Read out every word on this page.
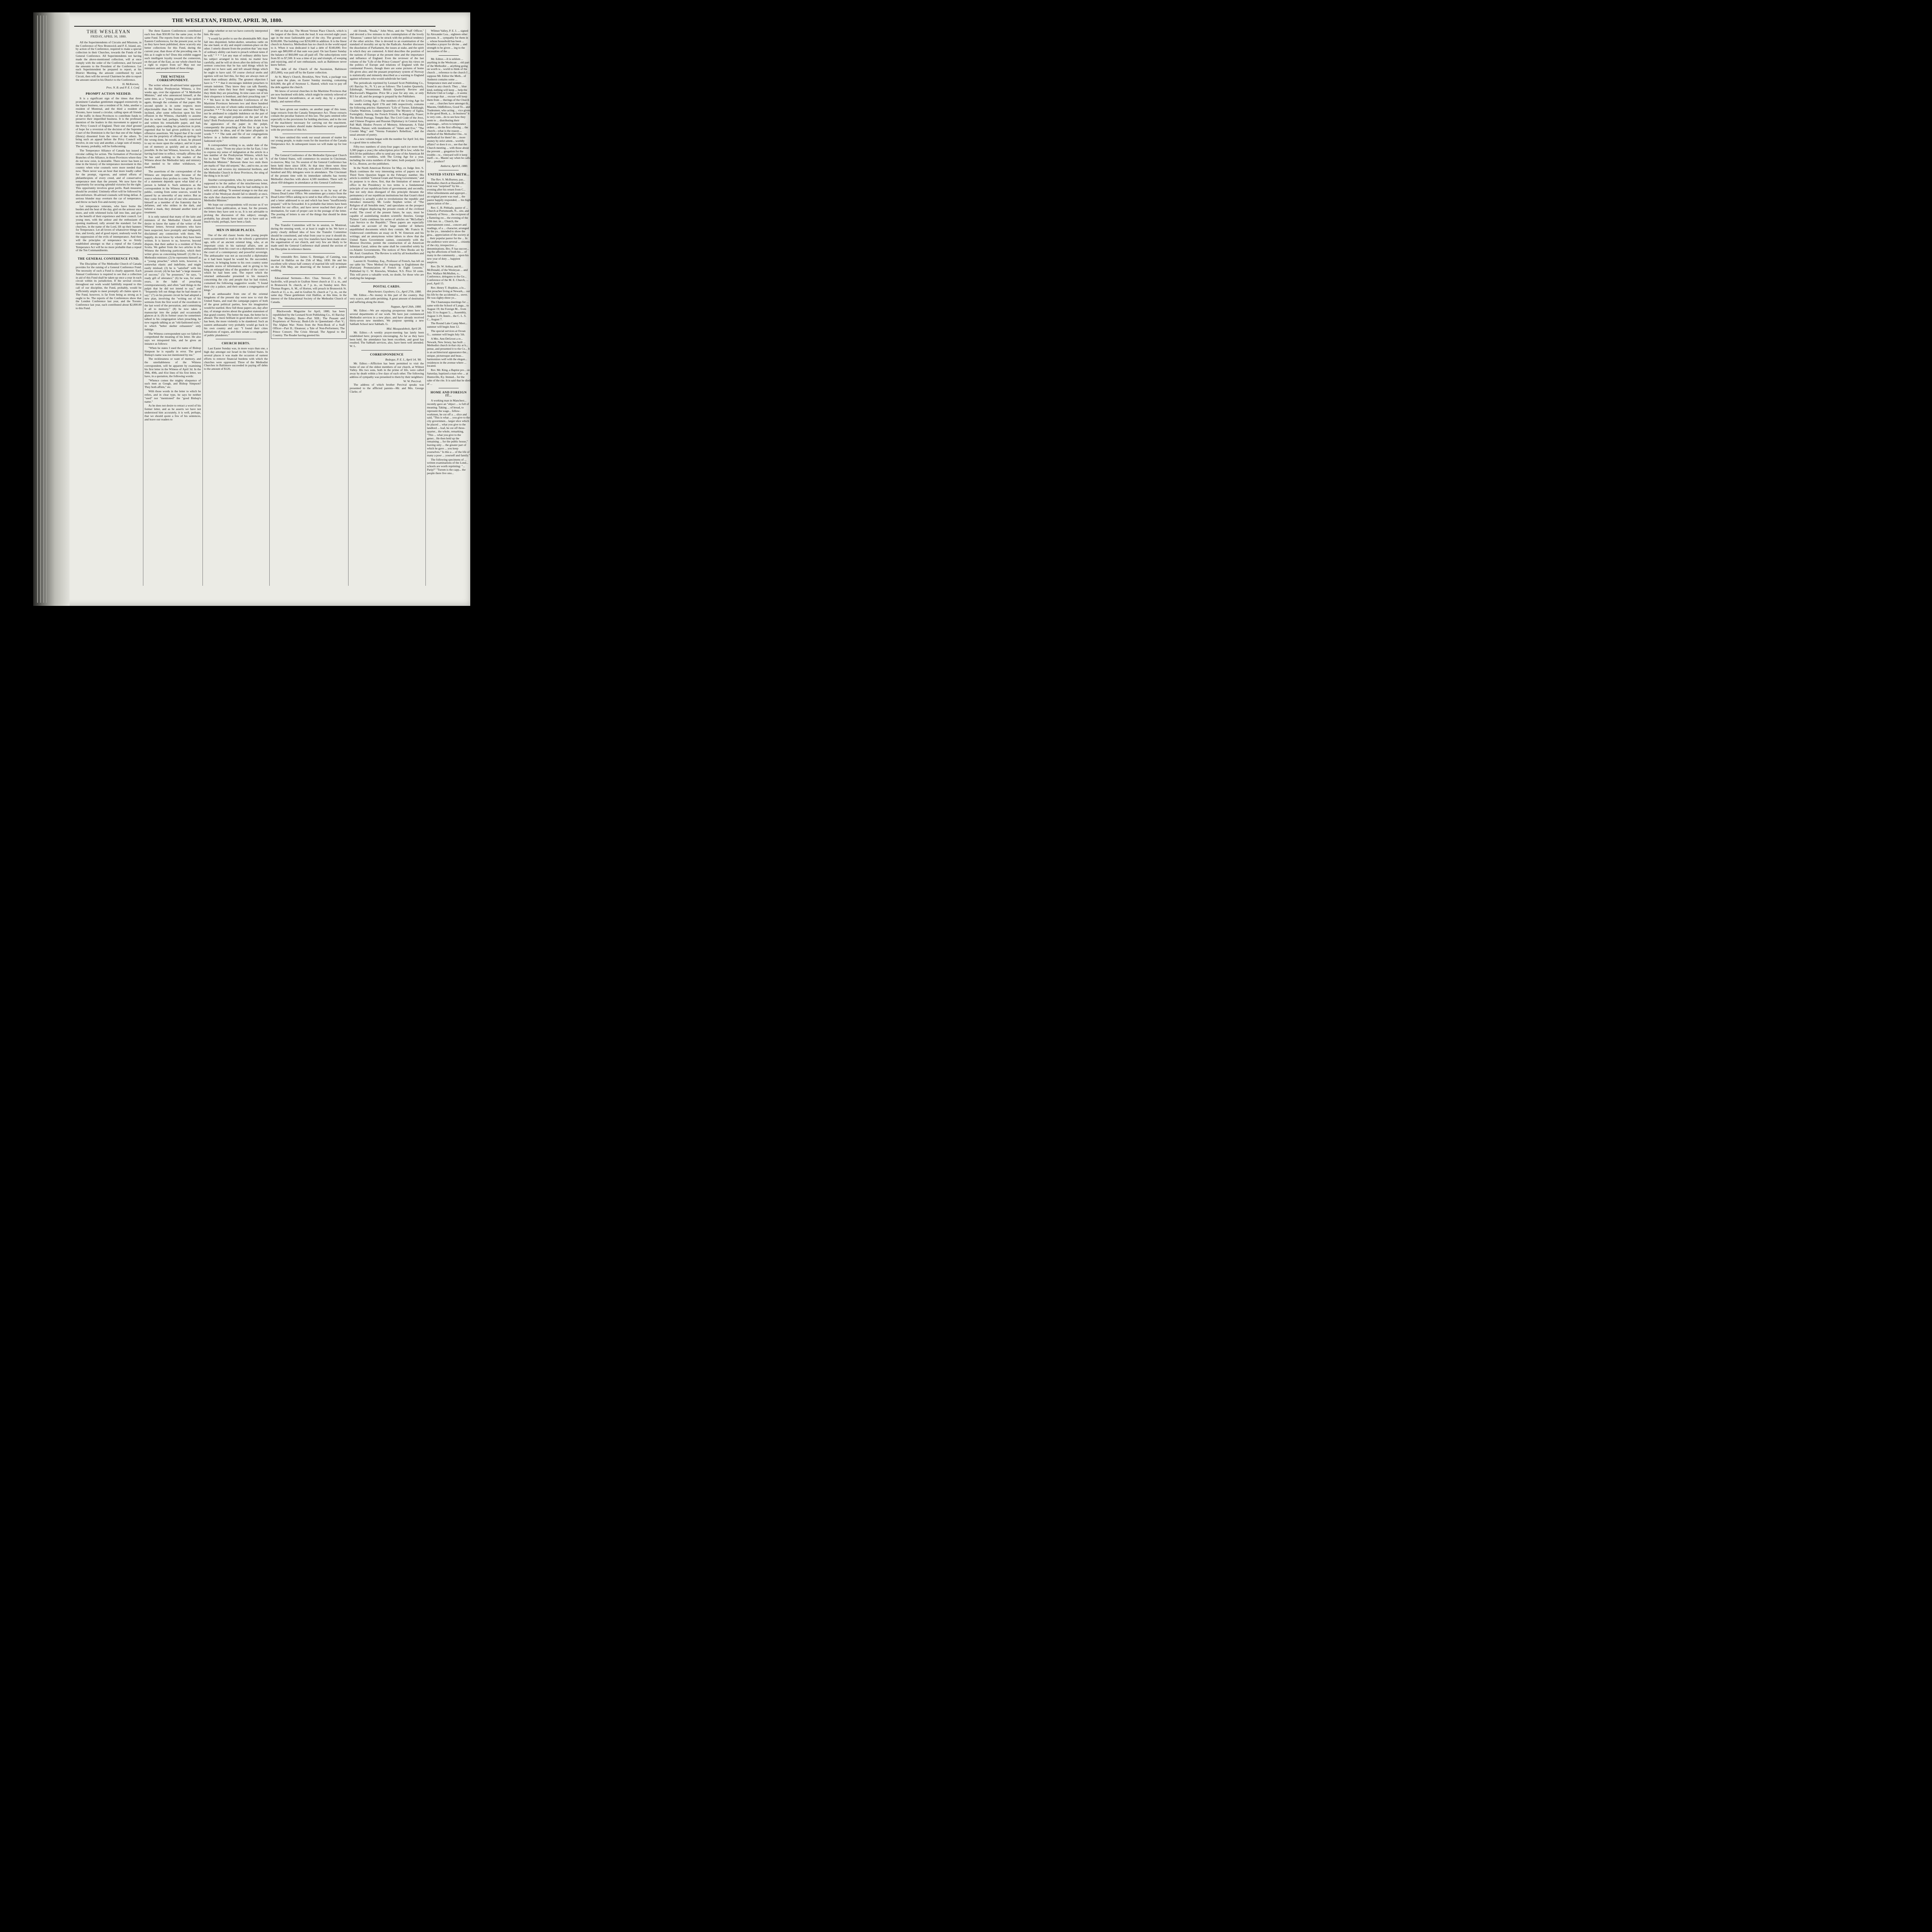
THE WESLEYAN, FRIDAY, APRIL 30, 1880.
THE WESLEYAN
FRIDAY, APRIL 30, 1880.

All the Superintendents of Circuits and Missions, in the Conference of New Brunswick and P. E. Island, are, by action of the Conference, required to make a special collection in their Churches, towards the Funds of the General Conference. All Superintendents not having made the above-mentioned collection, will at once comply with the order of the Conference, and forward the amounts to the President of the Conference. Let each Superintendent be prepared to report, at his District Meeting, the amount contributed by each Circuit, then will the several Chairmen be able to report the amount raised in his District to the Conference.

H. McKeown,
Pres. N. B. and P. E. I. Conf.
PROMPT ACTION NEEDED.

It is a significant sign of the times that three prominent Canadian gentlemen engaged extensively in the liquor business, one a resident of St. John, another a resident of Montreal, and the third a resident of Toronto, have issued a circular, calling upon all friends of the traffic in these Provinces to contribute funds to preserve their imperilled business. It is the professed intention of the leaders in this movement to appeal to the Privy Council of England. Their one chief ground of hope for a reversion of the decision of the Supreme Court of the Dominion is the fact that one of the Judges (Henry) dissented from the views of the others. To bring such an appeal before the Privy Council will involve, in one way and another, a large sum of money. The money, probably, will be forthcoming.

The Temperance Alliance of Canada has issued a circular calling for action. The formation of Provincial Branches of the Alliance, in those Provinces where they do not now exist, is desirable. There never has been a time in the history of the temperance movement in this country when wise counsels were more needed than now. There never was an hour that more loudly called for the prompt, vigorous, and united efforts of philanthropists of every creed, and of conservative temperance men than the present. We now have the opportunity for securing splendid victories for the right. This opportunity involves great perils. Rash measures should be avoided. Untimely effort will be followed by discomforture. Ill-advised counsels will bring defeat. A serious blunder may overturn the car of temperance, and throw us back five-and-twenty years.

Let temperance veterans, who have borne the burden and the heat of the day, gird on the armour once more, and with whitened locks fall into line, and give us the benefit of their experience and their council. Let young men, with the ardour and the enthusiasm of opening manhood, rally around the standard. Let the churches, in the name of the Lord, lift up their banners for Temperance. Let all lovers of whatsoever things are true, and lovely, and of good report, zealously work for the suppression of the evils of intemperance. And then will the principles of temperance be so firmly established amongst us that a repeal of the Canada Temperance Act will be no more probable than a repeal of the Ten Commandments.

THE GENERAL CONFERENCE FUND.

The Discipline of The Methodist Church of Canada provides for the raising of a General Conference Fund. The necessity of such a Fund is clearly apparent. Each Annual Conference is required to see that a collection in aid of this Fund shall be taken up once a year in each circuit within its jurisdiction. If the several circuits throughout our work would faithfully respond to this call of our discipline, the Fund, probably, would be sufficiently ample to meet promptly all claims upon it. The Fund, however, is far from being as strong as it ought to be. The reports of the Conferences show that the London Conference last year, and the Toronto Conference last year, each contributed about $2,000.00 to this Fund.

The three Eastern Conferences contributed each less than $50.00 for the same year, to the same Fund. The reports from the circuits of the Eastern Conferences, for the present year, so far as they have been published, show scarcely any better collections for this Fund, during the current year, than those of the preceding one. Is this as it ought to be? Does this exhibit suggest such intelligent loyalty toward the connexion, on the part of the East, as our whole church has a right to expect from us? May not our ministers and people think of these things.

THE WITNESS CORRESPONDENT.

The writer whose ill-advised letter appeared in the Halifax Presbyterian Witness, a few weeks ago, over the signature of "A Methodist Minister," and who announced himself, at the same time, as a "young preacher," has spoken again, through the columns of that paper. His second epistle is in some respects more objectionable than the former one. We were inclined, after some reflection upon his first effusion in the Witness, charitably to assume that its writer had, perhaps, hastily conceived and written his remarkable paper, and had, probably, upon reading his production in print, regretted that he had given publicity to such offensive assertions. We hoped that if he could not see the propriety of offering an apology for the wrong done, he would, at least, be pleased to say no more upon the subject, and let it pass out of memory as quickly and as easily as possible. In the last Witness, however, he, after having had time to reflect, virtually affirms that he has said nothing to the readers of the Witness about the Methodist laity and ministry that needed to be either withdrawn, or modified.

The assertions of the correspondent of the Witness are important only because of the source whence they profess to come. The force of a statement depends upon what kind of a person is behind it. Such sentences as the correspondent in the Witness has given to the public, coming from some sources, would be passed by as unworthy of any notice. But as they come from the pen of one who announces himself as a member of the fraternity that he defames, and who strikes in the dark, and behind a mask, they demand another kind of treatment.

It is only natural that many of the laity and ministers of the Methodist Church should desire to know the name of the writer of the Witness' letters. Several ministers who have been suspected, have promptly and indignantly disclaimed any connection with them. We, happily, do not know by whom they have been written. It is known to us, however, beyond dispute, that their author is a resident of Nova Scotia. We gather from the two articles in the Witness the following particulars, which their writer gives us concerning himself: (1) He is a Methodist minister; (2) he represents himself as a "young preacher," which term, however, is somewhat elastic and indefinite, and might easily mislead; (3) he is "satisfied" with his present circuit; (4) he has had "a large measure of success;" (5) "he possesses," he says, "a ready gift of utterance;" (6) he was, for some years, in the habit of preaching extemporaneously, and often "said things in the pulpit that he did not intend to say," and "frequently left out things that he had meant to say;" (7) on his present circuit he had adopted a new plan, involving the "writing out of his sermons from the first word of the exordium to the last word of the peroration, and committing it all to memory;" (8) he now takes a manuscript into the pulpit and occasionally glances at it; (9) in former years he sometimes talked to his congregation when preaching, he now regards talking as an "old-fashioned style," in which "helter skelter exhausters" only indulge.

The Witness correspondent says we failed to comprehend the meaning of his letter. He also says we misquoted him, and he gives an instance as follows:

"When he states I used the name of Bishop Simpson he is equally in error. The good Bishop's name was not mentioned by me."

The recklessness or want of memory, and the unreliableness of the Witness correspondent, will be apparent by examining his first letter in the Witness of April 3d. In the 39th, 40th, and 41st lines of his first letter, we have, in a quotation, the following words:

"Whence comes the mighty eloquence of such men as Gough, and Bishop Simpson? They both affirm," etc.

With those words in the letter to which he refers, and in clear type, he says he neither "used" nor "mentioned" the "good Bishop's name."

As he does not desire to retract a word of his former letter, and as he asserts we have not understood him accurately, it is well, perhaps, that we should quote a few of his sentences, and leave our readers to

judge whether or not we have correctly interpreted him. He says:

"I would far prefer to use the abominable MS. than fall into disjointed, helter-skelter, senseless rattle on the one hand, or dry and stupid common-place on the other. I utterly dissent from the position that "any man of ordinary ability can learn to preach without notes if he will." * * * Let any man of ordinary ability have his subject arranged in his mind, no matter how carefully, and he will sit down after the delivery of his sermon conscious that he has said things which he ought not to have said, and left unsaid things which he ought to have said. Of course clerical snobs and egotists will not feel this, for they are always men of more than ordinary ability. The greatest objection I have is * * * that it encourages indolent preachers to remain indolent. They know they can talk fluently, and hence when they hear their tongues wagging, they think they are preaching. In nine cases out of ten their eloquence is bombast, and their preaching rant * * * We have in the Methodist Conferences of the Maritime Provinces between two and three hundred ministers, not one of whom ranks extraordinarily as a preacher. * * * To what may we attribute this? May it not be attributed to culpable indolence on the part of the clergy, and stupid prejudice on the part of the laity? Both Presbyterians and Methodists shrink from the appearance of the paper in the pulpit, consequently the preaching of the first is apt to be homeopathic in ideas, and of the latter allopathic in words * * * The rank and file of our congregations believe in a helter-skelter exhauster of the old-fashioned style."

A correspondent writing to us, under date of the 14th inst., says: "From my place in the far East, I rise to express my sense of indignation at the article in a late number of the Presbyterian Witness, which has for its head "The Other Side," and for its tail "A Methodist Minister." Between these two ends there are marks of "that old serpent," &c.; and to me, as one who loves and reveres my ministerial brethren, and the Methodist Church in these Provinces, the sting of the thing is in its tail."

Another correspondent, who, by some parties, was supposed to be the author of the mischievous letter, has written to us affirming that he had nothing to do with it; and adding: "It seemed strange to me that any reader of the Wesleyan should fail to identify at once, the style that characterises the communication of "A Methodist Minister."

We hope our correspondents will excuse us if we withhold from publication, at least, for the present, the letters they have sent to us. It is not advisable to prolong the discussion of this subject; enough, probably, has already been said: not to have said as much would, perhaps, have been a fault.

MEN IN HIGH PLACES.

One of the old classic books that young people were accustomed to read in the schools a generation ago, tells of an ancient oriental king, who, at an important crisis in his national affairs, sent an ambassador from his court on a diplomatic mission to the court of a contemporary and powerful sovereign. The ambassador was not as successful a diplomatist as it had been hoped he would be. He succeeded, however, in bringing home to his own country some valuable stores of information, and in giving to his king an enlarged idea of the grandeur of the court to which he had been sent. The report which the returned ambassador presented to his monarch concerning the city and people that he had visited, contained the following suggestive words: "I found their city a palace, and their senate a congregation of kings."

If an ambassador from one of the oriental kingdoms of the present day were now to visit the United States, and read the campaign papers of both of the great political parties, how his imagination would be startled. How full those papers are, day after day, of strange stories about the grandest statesmen of that grand country. The better the man, the better he is abused. The more brilliant in good deeds one's career has been, the more violently is he slandered. Such an eastern ambassador very probably would go back to his own country and say: "I found their cities habitations of rogues, and their senate a congregation of public plunderers."

CHURCH DEBTS.

Last Easter Sunday was, in more ways than one, a high day amongst our Israel in the United States. In several places it was made the occasion of earnest efforts to remove financial burdens with which the churches were oppressed. Three of the Methodist Churches in Baltimore succeeded in paying off debts to the amount of $120,

000 on that day. The Mount Vernon Place Church, which is the largest of the three, took the lead. It was erected eight years ago in the most fashionable part of the city. The ground cost $100,000. The building cost $250,000 in addition. It is the finest church in America. Methodism has no church in the world equal to it. When it was dedicated it had a debt of $140,000; five years ago $80,000 of that sum was paid. On last Easter Sunday the balance of $60,000 was all paid off. The subscriptions were from $5 to $7,500. It was a time of joy and triumph, of weeping and rejoicing, and of rare enthusiasm, such as Baltimore never knew before.

The debt of the Church of the Ascension, Baltimore ($55,000), was paid off by the Easter collection.

At St. Mary's Church, Brooklyn, New York, a package was laid upon the plate, on Easter Sunday morning, containing $10,000, the gift of Seymour L. Hasted, which was to pay off the debt against the church.

We know of several churches in the Maritime Provinces that are now burdened with debt, which might be entirely relieved of their financial encumbrance, at an early day, by a prudent, timely, and earnest effort.

We have given our readers, on another page of this issue, large extracts from the Canada Temperance Act. Those extracts contain the peculiar features of this law. The parts omitted refer especially to the provisions for holding elections, and to the rest of the machinery necessary for carrying out the enactment. Temperance workers should make themselves well acquainted with the provisions of this Act.

We have omitted this week our usual amount of matter for our young people, to make room for the insertion of the Canada Temperance Act. In subsequent issues we will make up for lost time.

The General Conference of the Methodist Episcopal Church of the United States, will commence its session in Cincinnati, to-morrow, May 1st. No session of the General Conference has been held there since 1836. At that time there were three Methodist churches in that city, with about 1,500 members. One hundred and fifty delegates were in attendance. The Cincinnati of the present time with its immediate suburbs has twenty Methodist churches with above 4,500 members. There will be about 450 delegates in attendance at this General Conference.

Some of our correspondence comes to us by way of the Ottawa Dead Letter Office. We sometimes get a notice from the Dead Letter Office asking us to send to that office a few stamps, and a letter addressed to us and which has been "insufficiently prepaid," will be forwarded. It is probable that letters have been intended for our office, and have never reached their place of destination, for want of proper care in the postage of the letter. The posting of letters is one of the things that should be done with care.

The Transfer Committee will be in session, in Montreal, during the ensuing week, or at least it ought to be. We have a pretty clearly defined idea of how the Transfer Committee should be constituted, and what from year to year it should do. But as things now are, very few transfers have been made since the organisation of our church, and very few are likely to be made until the General Conference shall amend the section of the Discipline in reference thereto.

The venerable Rev. James G. Hennigar, of Canning, was married in Halifax on the 25th of May, 1830. He and his excellent wife whose half century of married life will terminate on the 25th May, are deserving of the honors of a golden wedding.

Educational Sermons.—Rev. Chas. Stewart, D. D., of Sackville, will preach in Grafton Street church at 11 a. m., and in Brunswick St. church, at 7 p. m., on Sunday next. Rev. Thomas Rogers, A. M., of Horton, will preach in Brunswick St. church at 11, a. m., and in Grafton St. church at 7 p. m., on the same day. These gentlemen visit Halifax, at this time, in the interest of the Educational Society of the Methodist Church of Canada.

Blackwoods Magazine for April, 1880, has been republished by the Leonard Scott Publishing Co., 41 Barclay St. The Morality; Beats—Part XIII.; The Peasant and Proprietors of Norway; Bush-Life in Queensland—Part V.; The Afghan War: Notes from the Note-Book of a Staff Officer—Part II.; Eleanour; a Tale of Non-Performers; The Prince Consort; The Crisis Abroad; The Appeal to the Country. The Reader having greeted his

old friends, "Reada," John West, and the "Staff Officer," and devoted a few minutes to the contemplation of the lovely "Eleanour," cannot fail to be struck with the political tendency of the other articles. One is devoted to an examination of the standard of morality set up by the Radicals. Another discusses the dissolution of Parliament, the issues at stake, and the spirit in which they are contested. A third describes the position of the nations of Europe at the present time and the importance and influence of England. Even the reviewer of the last volume of the "Life of the Prince Consort" gives his views on the politics of Europe and relations of England with the continental Powers, though there are some pictures of home life given also; and the peasant proprietary system of Norway is statistically and minutely described as a warning to England against reformers who would subdivide her land.

The periodicals reprinted by Leonard Scott Publishing Co., (41 Barclay St., N. Y.) are as follows: The London Quarterly, Edinburgh, Westminster, British Quarterly Review and Blackwood's Magazine. Price $4 a year for any one, or only $15 for all, and the postage is prepaid by the Publishers.

Littell's Living Age.—The numbers of the Living Age for the weeks ending April 17th and 24th respectively, contains the following articles: Hamerton's "Life of Turner, Edinburgh; Charles Waterton, London Quarterly; The Mystery of Egina, Fortnightly; Among the French Friends in Burgundy, Fraser; The British Peerage, Temple Bar; The Civil Code of the Jews, and Chinese Progress and Russian Diplomacy in Central Asia, Pall Mall; Hindoo Powers of Memory, Athenaeum; A Tidal Problem, Nature; with instalments of "Adam and Eve," "The Crookit Meg," and "Verena Fontaine's Rebellion," and the usual amount of poetry.

As a new volume began with the number for April 3rd, this is a good time to subscribe.

Fifty-two numbers of sixty-four pages each (or more than 3,300 pages a year,) the subscription price $8 is low; while for $10.50 the publishers offer to send any one of the American $4 monthlies or weeklies, with The Living Age for a year, including the extra numbers of the latter, both postpaid. Littell & Co., Boston, are the publishers.

In the North American Review for May, ex Judge Jere. S. Black continues the very interesting series of papers on the Third Term Question begun in the February number. His article is entitled "General Grant and Strong Government," and its purpose is to show, first, that the limitation of tenure of office in the Presidency to two terms is a fundamental principle of our republican form of government; and secondly, that not only does disregard of this principle threaten the permanency of our republican institutions but that Grant's third candidacy is actually a plot to revolutionize the republic and introduce monarchy. Mr. Leslie Stephen writes of "The Religion of all Sensible men," and speculates on the prospect of that religion displacing the present creeds of the civilized world. The creed of the present future, he says, must be capable of assimilating modern scientific theories. George Ticknor Curtis continues his series of articles on "McLellan's Last Service to the Republic." These papers are especially valuable on account of the large number of hitherto unpublished documents which they contain. Mr. Francis H. Underwood contributes an essay on R. W. Emerson and his writings; and an anonymous writer labors to show that the United States Government cannot, consistently with the Monroe Doctrine, permit the construction of an American Isthmian Canal, unless the same shall be controlled solely by co-Atlantic Governments. The notices of New Books are by Mr. Axel. Gustafson. The Review is sold by all booksellers and newsdealers generally.

Laurent H. Tremblay, Esq., Professor of French, has left on our table his "New Method for imparting to Englishmen the (Parisian) Pronunciation of French in Eight Lessons." Published by C. W. Knowles, Windsor, N.S. Price 50 cents. This will prove a valuable work, no doubt, for those who are studying the language.

POSTAL CARDS.
Manchester, Guysboro, Co., April 27th, 1880.

Mr. Editor.—No money in this part of the country. Hay very scarce, and cattle perishing. A great amount of destitution and suffering along the shore.

Nappan, April 26th, 1880.

Mr. Editor.—We are enjoying prosperous times here in several departments of our work. We have just commenced Methodist services in a new place, and have already received thirty-seven new members. We purpose opening a new Sabbath School next Sabbath. G.

Mid. Musquodoboit, April 28.

Mr. Editor.—A weekly prayer-meeting has lately been established here; prospects encouraging. As far as they have been held, the attendance has been excellent, and good has resulted. The Sabbath services, also, have been well attended. W. L.

CORRESPONDENCE
Bedeque, P. E. I., April 14, '80.

Mr. Editor.—Affliction has been permitted to visit the home of one of the oldest members of our church, at Wilmot Valley. His two sons, both in the prime of life, were called away by death within a few days of each other. The following address of sympathy was presented to them by their neighbors:

W. W. Percival.

The address of which brother Percival speaks was presented to the afflicted parents—Mr. and Mrs. George Clarke, of

Wilmot Valley, P. E. I. ... signed by Alexander Lea... eighteen other persons. It ... sympathy for them in ... whose household has been ... breathes a prayer for divine ... and strength to be given ... ing to the necessities of the ...

Mr. Editor.—It is seldom ... anything in the Wesleyan ... old part of the Methodist ... anything going on worth w... world to think of the church ... reference to the church I ... suppose Mr. Editor the Meth... of Amherst contains some ... Temperance men and women ... found in any church. They ... blue kind, nothing will keep ... help the Reform Club or Lodge ... it seems so strange that ... excuse will keep them from ... therings of the Church—our ... churches have amongst th... Masons, Oddfellows, Good Te... and Tradesmen, who acting ... vice given in the good Book, a... in business" it is very com... do to see how they seem to ... distributing their patronage... selves to temperance orders ... do the first offering ... the church—what is the reason ... method of the Methodist Chu... to methodical for them? do ... more money by strict attent... worldly affairs? or does it co... see that the Church meeting ... with those about the prevent ... gregation for the trouble—w... vineyard will it keep itself—w... Master say when he calls for ... produce?

Amherst, April 8, 1880.
UNITED STATES METH...

The Rev. S. McBurney, pas... Methodist church at Hazardvill... ticut was "surprised" by his ... evening after his return from C... After refreshments and appropri... an original poem was read ... the pastor happily responded, ... his high appreciation of the ...

Rev. C. B. Pitblado, pastor of ... Church at Portsmouth, N... site, and formerly of Nova ... the recipient of a flattering rec... the evening of the 12th inst. in ... Church, the entertainment consi... concert and readings, of a ... character, arranged by the yo... intended to show the grea... appreciation of the society at ... their popular pastor for the ... In the audience were several ... citizens of the city, irrespective ... denominations. Bro. P. has succee... ing the affections of both his ... of many in the community ... upon his new year of duty ... happiest auspices.

Rev. Dr. W. Arthur, and R... McDonald, of the Wesleyan ... and Rev. Wallace McMullen, o... Conference, delegates to the Ge... Conference of the M. E. Church, ... pool, April 15.

Rev. Henry T. Hopkins, a lo... dist preacher living at Newark,... out his life by the accidental u... stove. He was eighty-three ye...

The Chautauqua meetings for ... same with the School of Langu... to August 19; the Foreign M... from July 31 to August 5; ... Assembly, August 3-19; Anniv... the C. L. S. C., August 7.

The Round Lake Camp Meet... summer will begin June 12.

The special services at Ocean G... summer will begin July 5th.

A Mrs. Ann DeGroot a re... Newark, New Jersey, has built ... Methodist church in that city at h... pense, and presented it to the Ce... It is an architectural appearance the... unique, picturesque and beau... harmonizes well with the elegan... residences in the avenue where ... located.

Rev. Mr. King, a Baptist pre... on Saturday, baptized a man who ... at Huntsville, Ky. Immed... for the sake of the rite. It is said that he died of ...

HOME AND FOREIGN IT...

A working man in Manchest... recently gave an "object ... is full of meaning. Taking ... of bread, to represent the wage... fellow-workmen, he cut off a ... slice and said, "This is what ... you give to the city governmen... larger slice which he placed ... what you give to the landlord ... loaf, he cut off three-quarter... the whole, remarking, "This ... what you give to the gener... He then held up the remaining ... for the public house," leaving only ... the greater part of which he gave ... you keep yourselves." Is this a ... of the life of many a poor ... yourself and family."

The following specimens of ... written examinations of the Lond... schools are worth reprinting: "... Parip?" "Tureen is the capp... the people there live ono...
